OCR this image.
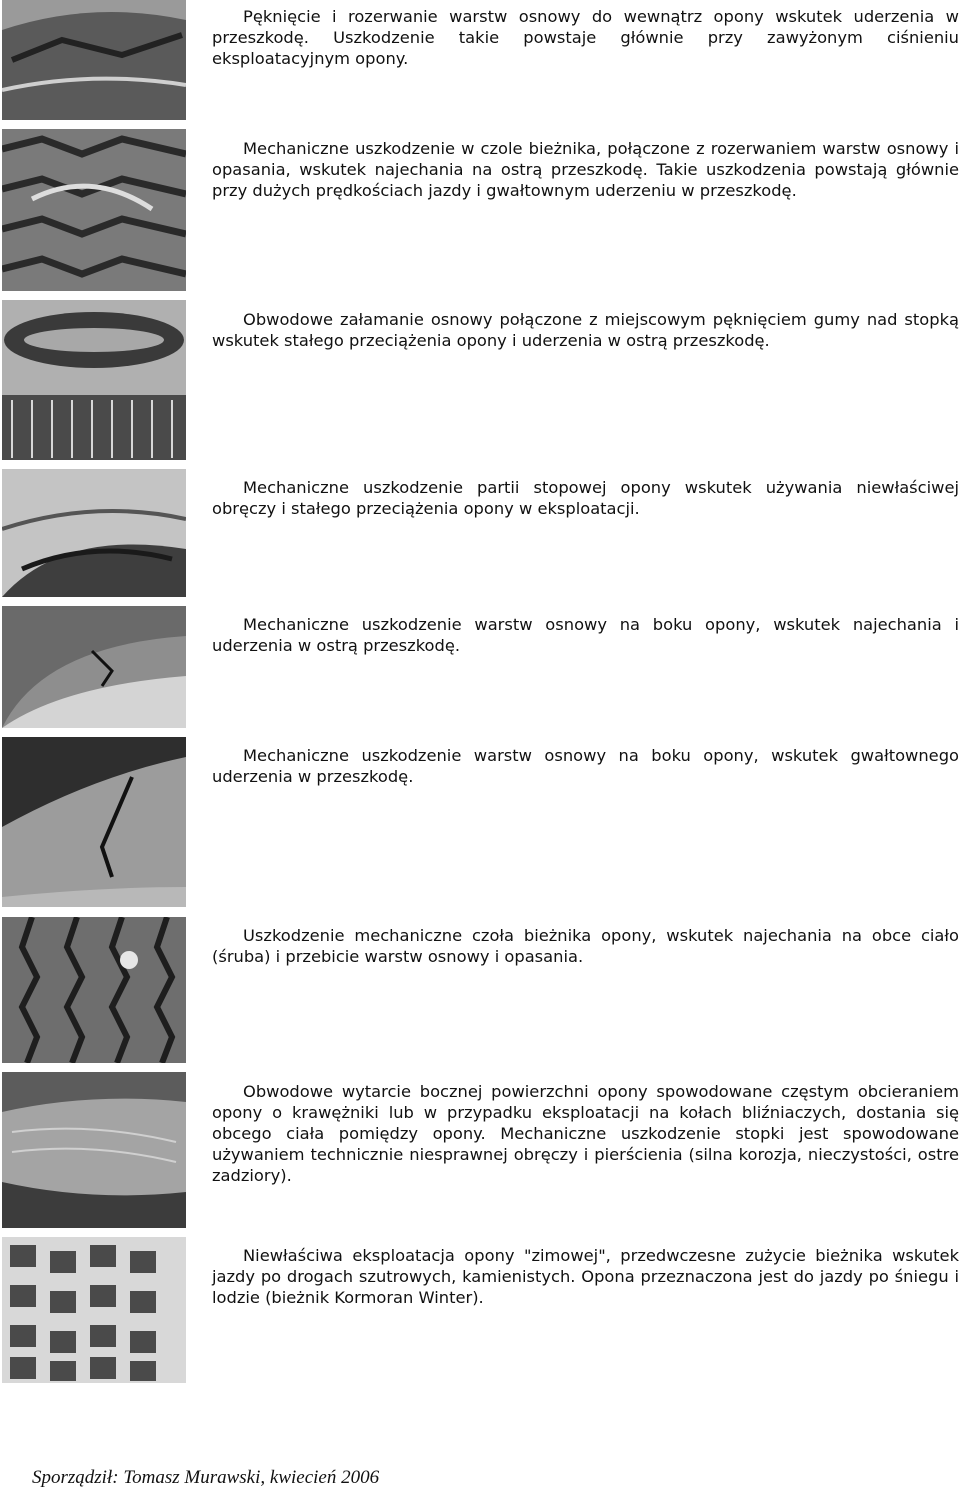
Pęknięcie i rozerwanie warstw osnowy do wewnątrz opony wskutek uderzenia w przeszkodę. Uszkodzenie takie powstaje głównie przy zawyżonym ciśnieniu eksploatacyjnym opony.

Mechaniczne uszkodzenie w czole bieżnika, połączone z rozerwaniem warstw osnowy i opasania, wskutek najechania na ostrą przeszkodę. Takie uszkodzenia powstają głównie przy dużych prędkościach jazdy i gwałtownym uderzeniu w przeszkodę.

Obwodowe załamanie osnowy połączone z miejscowym pęknięciem gumy nad stopką wskutek stałego przeciążenia opony i uderzenia w ostrą przeszkodę.

Mechaniczne uszkodzenie partii stopowej opony wskutek używania niewłaściwej obręczy i stałego przeciążenia opony w eksploatacji.

Mechaniczne uszkodzenie warstw osnowy na boku opony, wskutek najechania i uderzenia w ostrą przeszkodę.

Mechaniczne uszkodzenie warstw osnowy na boku opony, wskutek gwałtownego uderzenia w przeszkodę.

Uszkodzenie mechaniczne czoła bieżnika opony, wskutek najechania na obce ciało (śruba) i przebicie warstw osnowy i opasania.

Obwodowe wytarcie bocznej powierzchni opony spowodowane częstym obcieraniem opony o krawężniki lub w przypadku eksploatacji na kołach bliźniaczych, dostania się obcego ciała pomiędzy opony. Mechaniczne uszkodzenie stopki jest spowodowane używaniem technicznie niesprawnej obręczy i pierścienia (silna korozja, nieczystości, ostre zadziory).

Niewłaściwa eksploatacja opony "zimowej", przedwczesne zużycie bieżnika wskutek jazdy po drogach szutrowych, kamienistych. Opona przeznaczona jest do jazdy po śniegu i lodzie (bieżnik Kormoran Winter).

Sporządził: Tomasz Murawski, kwiecień 2006
